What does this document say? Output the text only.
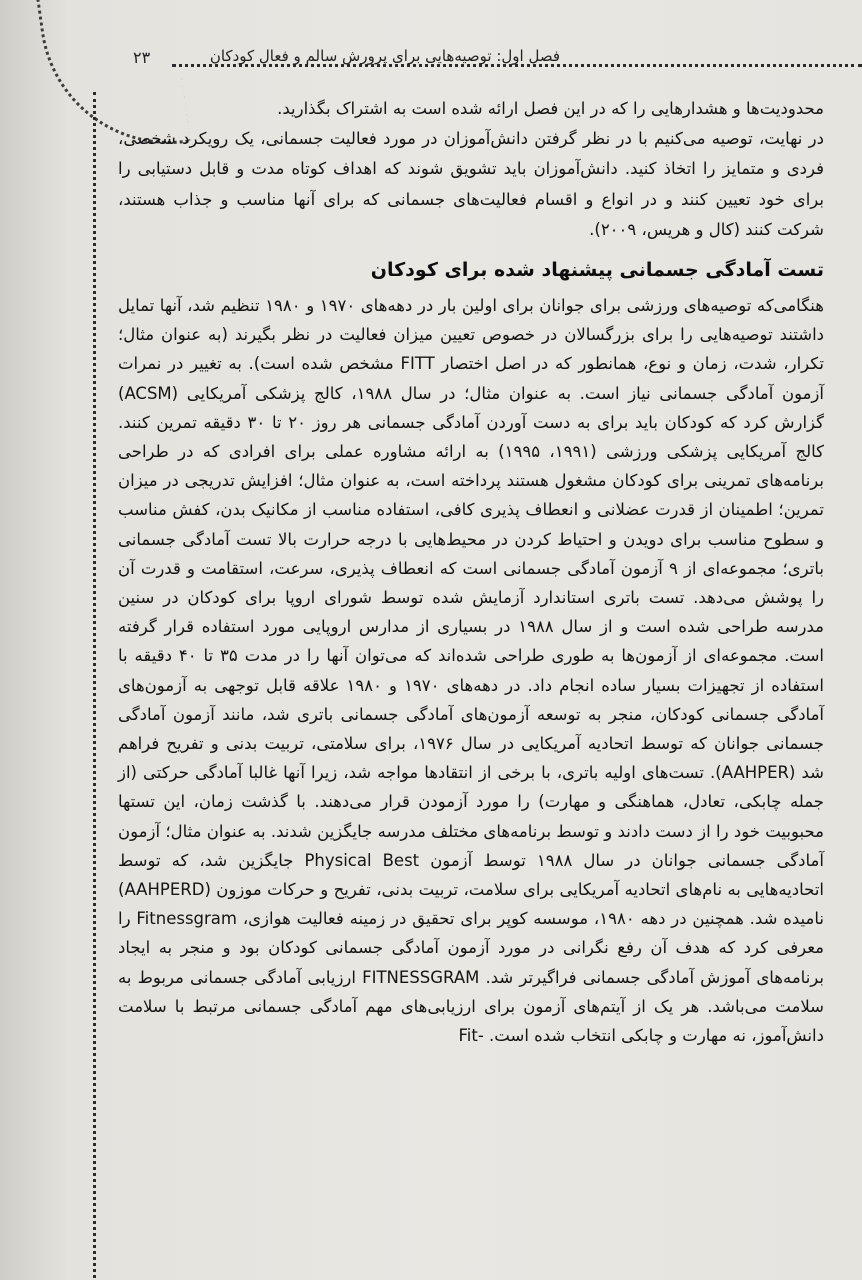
۲۳	فصل اول: توصیه‌هایی برای پرورش سالم و فعال کودکان

محدودیت‌ها و هشدارهایی را که در این فصل ارائه شده است به اشتراک بگذارید.

در نهایت، توصیه می‌کنیم با در نظر گرفتن دانش‌آموزان در مورد فعالیت جسمانی، یک رویکرد شخصی، فردی و متمایز را اتخاذ کنید. دانش‌آموزان باید تشویق شوند که اهداف کوتاه مدت و قابل دستیابی را برای خود تعیین کنند و در انواع و اقسام فعالیت‌های جسمانی که برای آنها مناسب و جذاب هستند، شرکت کنند (کال و هریس، ۲۰۰۹).

تست آمادگی جسمانی پیشنهاد شده برای کودکان

هنگامی‌که توصیه‌های ورزشی برای جوانان برای اولین بار در دهه‌های ۱۹۷۰ و ۱۹۸۰ تنظیم شد، آنها تمایل داشتند توصیه‌هایی را برای بزرگسالان در خصوص تعیین میزان فعالیت در نظر بگیرند (به عنوان مثال؛ تکرار، شدت، زمان و نوع، همانطور که در اصل اختصار FITT مشخص شده است). به تغییر در نمرات آزمون آمادگی جسمانی نیاز است. به عنوان مثال؛ در سال ۱۹۸۸، کالج پزشکی آمریکایی (ACSM) گزارش کرد که کودکان باید برای به دست آوردن آمادگی جسمانی هر روز ۲۰ تا ۳۰ دقیقه تمرین کنند. کالج آمریکایی پزشکی ورزشی (۱۹۹۱، ۱۹۹۵) به ارائه مشاوره عملی برای افرادی که در طراحی برنامه‌های تمرینی برای کودکان مشغول هستند پرداخته است، به عنوان مثال؛ افزایش تدریجی در میزان تمرین؛ اطمینان از قدرت عضلانی و انعطاف پذیری کافی، استفاده مناسب از مکانیک بدن، کفش مناسب و سطوح مناسب برای دویدن و احتیاط کردن در محیط‌هایی با درجه حرارت بالا تست آمادگی جسمانی باتری؛ مجموعه‌ای از ۹ آزمون آمادگی جسمانی است که انعطاف پذیری، سرعت، استقامت و قدرت آن را پوشش می‌دهد. تست باتری استاندارد آزمایش شده توسط شورای اروپا برای کودکان در سنین مدرسه طراحی شده است و از سال ۱۹۸۸ در بسیاری از مدارس اروپایی مورد استفاده قرار گرفته است. مجموعه‌ای از آزمون‌ها به طوری طراحی شده‌اند که می‌توان آنها را در مدت ۳۵ تا ۴۰ دقیقه با استفاده از تجهیزات بسیار ساده انجام داد. در دهه‌های ۱۹۷۰ و ۱۹۸۰ علاقه قابل توجهی به آزمون‌های آمادگی جسمانی کودکان، منجر به توسعه آزمون‌های آمادگی جسمانی باتری شد، مانند آزمون آمادگی جسمانی جوانان که توسط اتحادیه آمریکایی در سال ۱۹۷۶، برای سلامتی، تربیت بدنی و تفریح فراهم شد (AAHPER). تست‌های اولیه باتری، با برخی از انتقادها مواجه شد، زیرا آنها غالبا آمادگی حرکتی (از جمله چابکی، تعادل، هماهنگی و مهارت) را مورد آزمودن قرار می‌دهند. با گذشت زمان، این تستها محبوبیت خود را از دست دادند و توسط برنامه‌های مختلف مدرسه جایگزین شدند. به عنوان مثال؛ آزمون آمادگی جسمانی جوانان در سال ۱۹۸۸ توسط آزمون Physical Best جایگزین شد، که توسط اتحادیه‌هایی به نام‌های اتحادیه آمریکایی برای سلامت، تربیت بدنی، تفریح و حرکات موزون (AAHPERD) نامیده شد. همچنین در دهه ۱۹۸۰، موسسه کوپر برای تحقیق در زمینه فعالیت هوازی، Fitnessgram را معرفی کرد که هدف آن رفع نگرانی در مورد آزمون آمادگی جسمانی کودکان بود و منجر به ایجاد برنامه‌های آموزش آمادگی جسمانی فراگیرتر شد. FITNESSGRAM ارزیابی آمادگی جسمانی مربوط به سلامت می‌باشد. هر یک از آیتم‌های آزمون برای ارزیابی‌های مهم آمادگی جسمانی مرتبط با سلامت دانش‌آموز، نه مهارت و چابکی انتخاب شده است. -Fit
